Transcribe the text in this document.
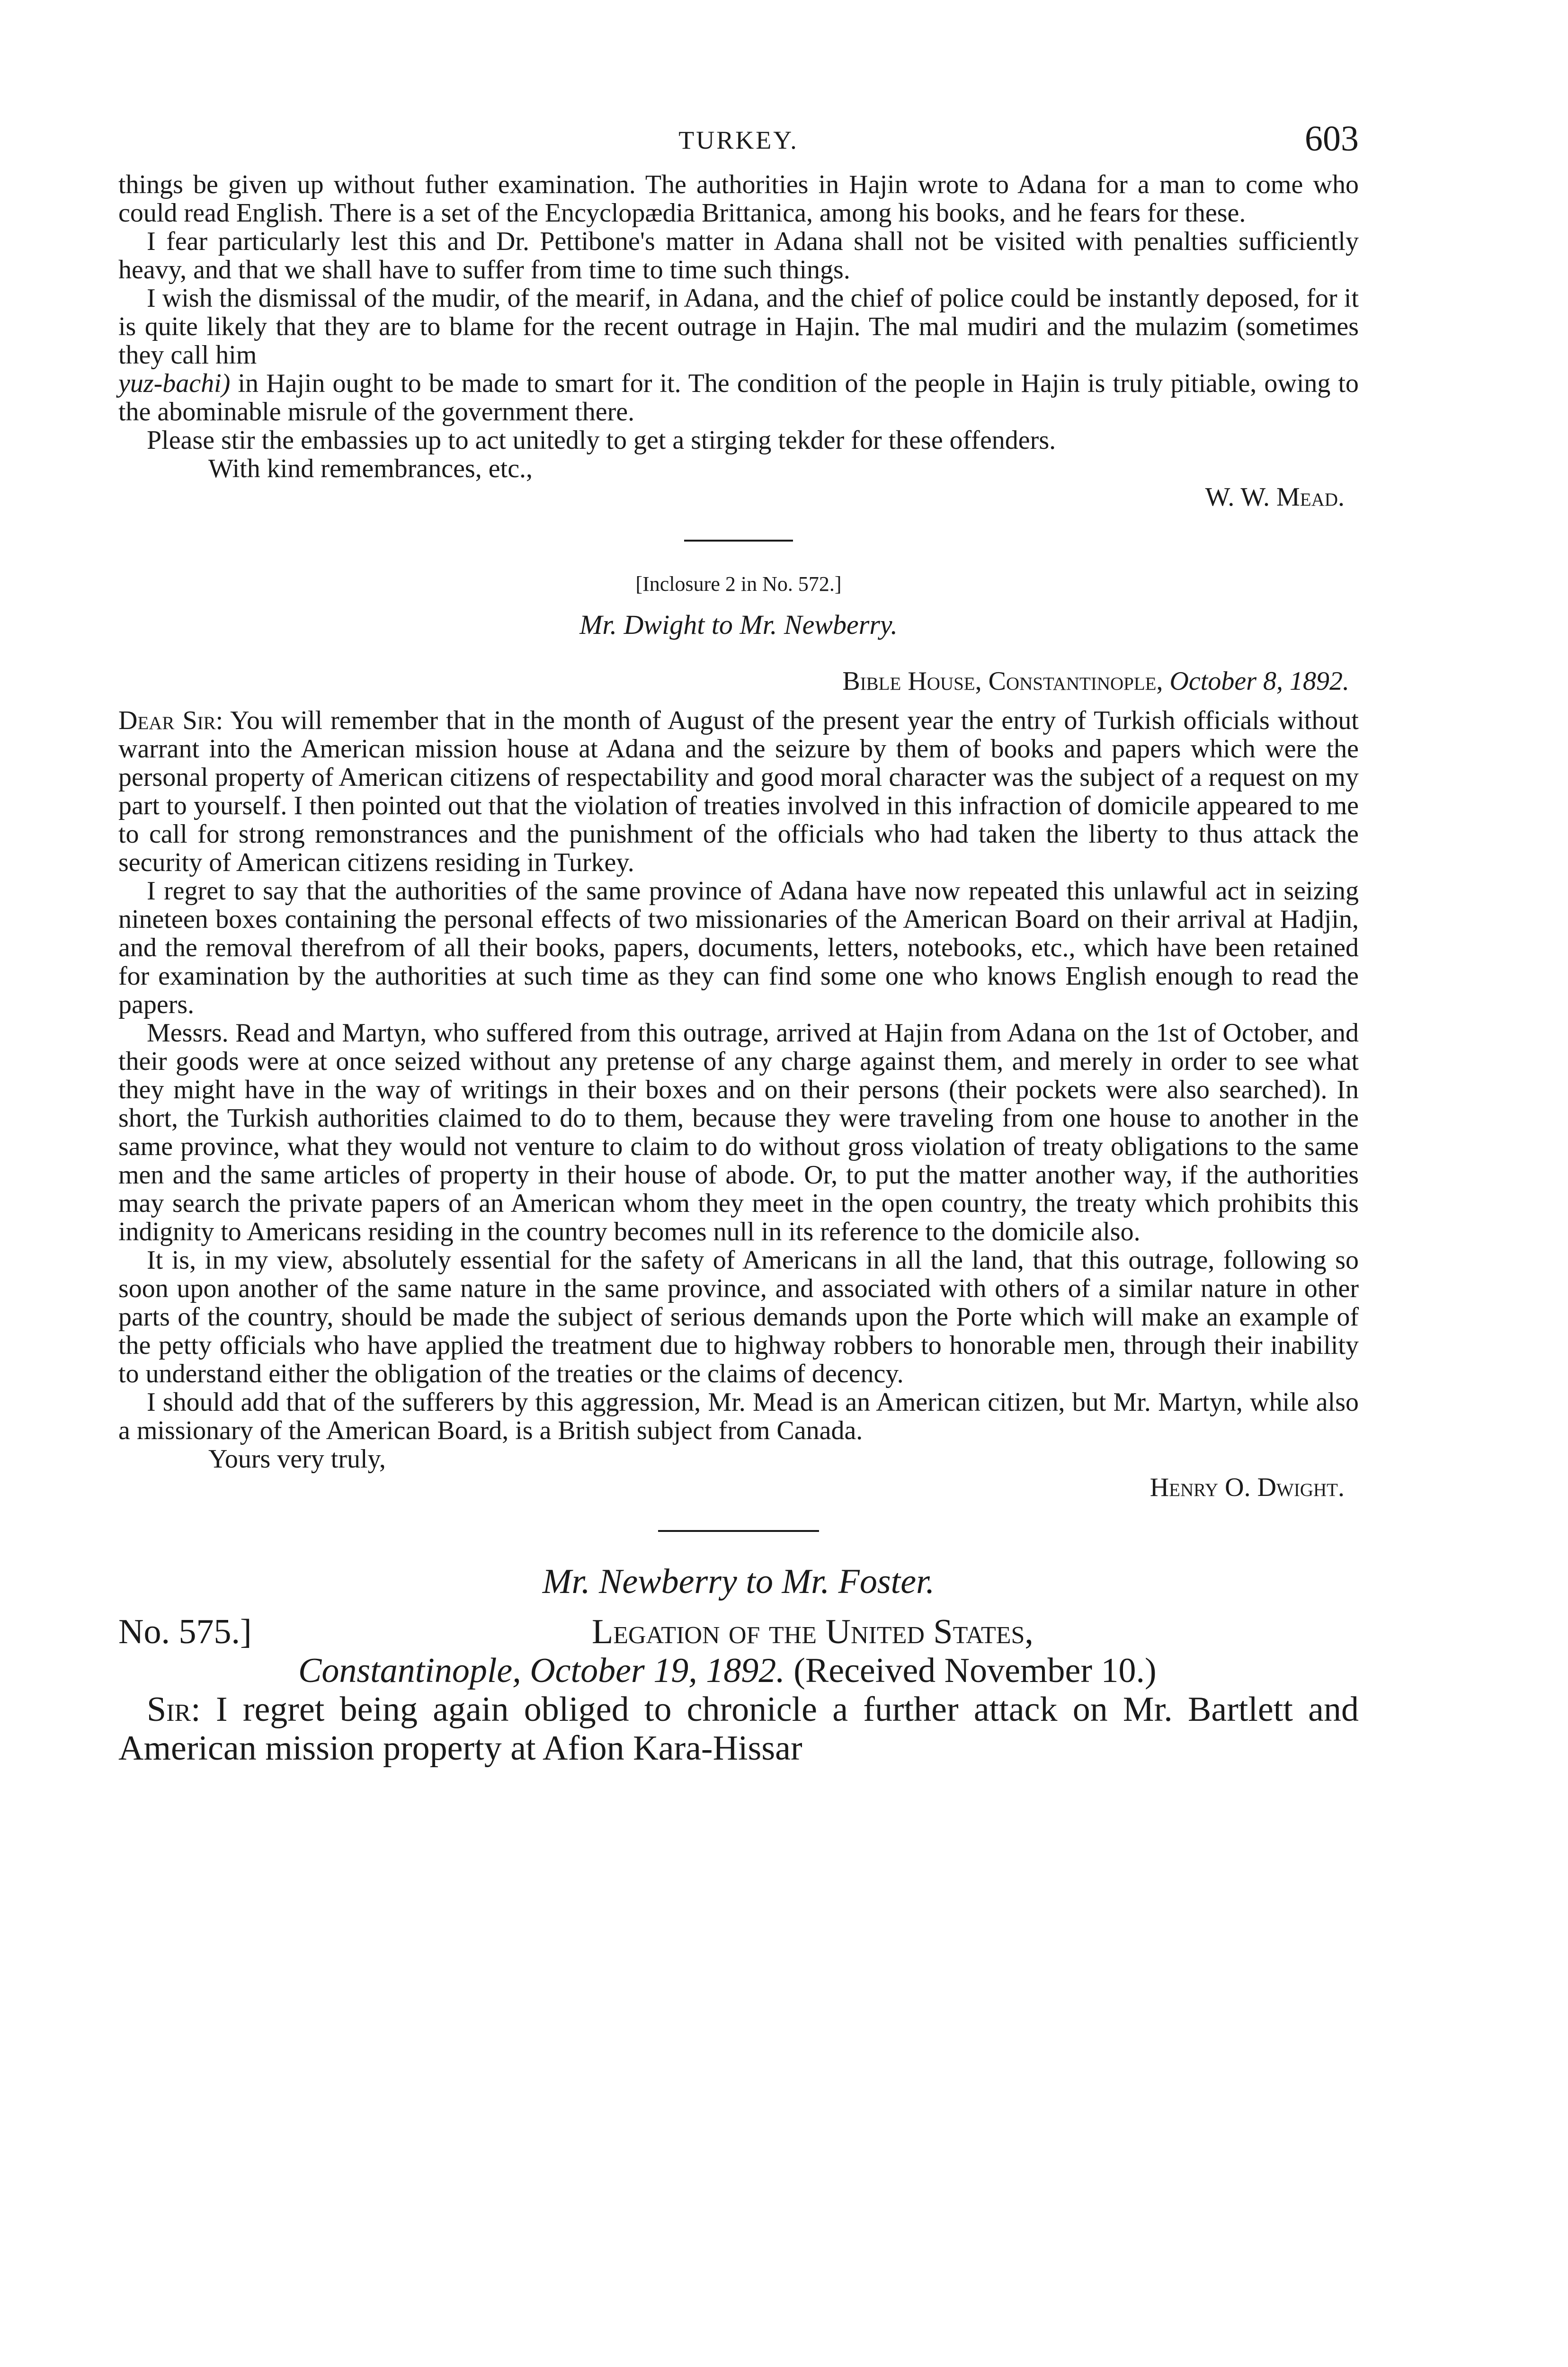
TURKEY.	603

things be given up without futher examination. The authorities in Hajin wrote to Adana for a man to come who could read English. There is a set of the Encyclopædia Brittanica, among his books, and he fears for these.

I fear particularly lest this and Dr. Pettibone's matter in Adana shall not be visited with penalties sufficiently heavy, and that we shall have to suffer from time to time such things.

I wish the dismissal of the mudir, of the mearif, in Adana, and the chief of police could be instantly deposed, for it is quite likely that they are to blame for the recent outrage in Hajin. The mal mudiri and the mulazim (sometimes they call him

yuz-bachi) in Hajin ought to be made to smart for it. The condition of the people in Hajin is truly pitiable, owing to the abominable misrule of the government there.

Please stir the embassies up to act unitedly to get a stirging tekder for these offenders.

With kind remembrances, etc.,

W. W. Mead.

[Inclosure 2 in No. 572.]

Mr. Dwight to Mr. Newberry.

Bible House, Constantinople, October 8, 1892.

Dear Sir: You will remember that in the month of August of the present year the entry of Turkish officials without warrant into the American mission house at Adana and the seizure by them of books and papers which were the personal property of American citizens of respectability and good moral character was the subject of a request on my part to yourself. I then pointed out that the violation of treaties involved in this infraction of domicile appeared to me to call for strong remonstrances and the punishment of the officials who had taken the liberty to thus attack the security of American citizens residing in Turkey.

I regret to say that the authorities of the same province of Adana have now repeated this unlawful act in seizing nineteen boxes containing the personal effects of two missionaries of the American Board on their arrival at Hadjin, and the removal therefrom of all their books, papers, documents, letters, notebooks, etc., which have been retained for examination by the authorities at such time as they can find some one who knows English enough to read the papers.

Messrs. Read and Martyn, who suffered from this outrage, arrived at Hajin from Adana on the 1st of October, and their goods were at once seized without any pretense of any charge against them, and merely in order to see what they might have in the way of writings in their boxes and on their persons (their pockets were also searched). In short, the Turkish authorities claimed to do to them, because they were traveling from one house to another in the same province, what they would not venture to claim to do without gross violation of treaty obligations to the same men and the same articles of property in their house of abode. Or, to put the matter another way, if the authorities may search the private papers of an American whom they meet in the open country, the treaty which prohibits this indignity to Americans residing in the country becomes null in its reference to the domicile also.

It is, in my view, absolutely essential for the safety of Americans in all the land, that this outrage, following so soon upon another of the same nature in the same province, and associated with others of a similar nature in other parts of the country, should be made the subject of serious demands upon the Porte which will make an example of the petty officials who have applied the treatment due to highway robbers to honorable men, through their inability to understand either the obligation of the treaties or the claims of decency.

I should add that of the sufferers by this aggression, Mr. Mead is an American citizen, but Mr. Martyn, while also a missionary of the American Board, is a British subject from Canada.

Yours very truly,

Henry O. Dwight.

Mr. Newberry to Mr. Foster.

No. 575.]	Legation of the United States,
Constantinople, October 19, 1892. (Received November 10.)

Sir: I regret being again obliged to chronicle a further attack on Mr. Bartlett and American mission property at Afion Kara-Hissar
